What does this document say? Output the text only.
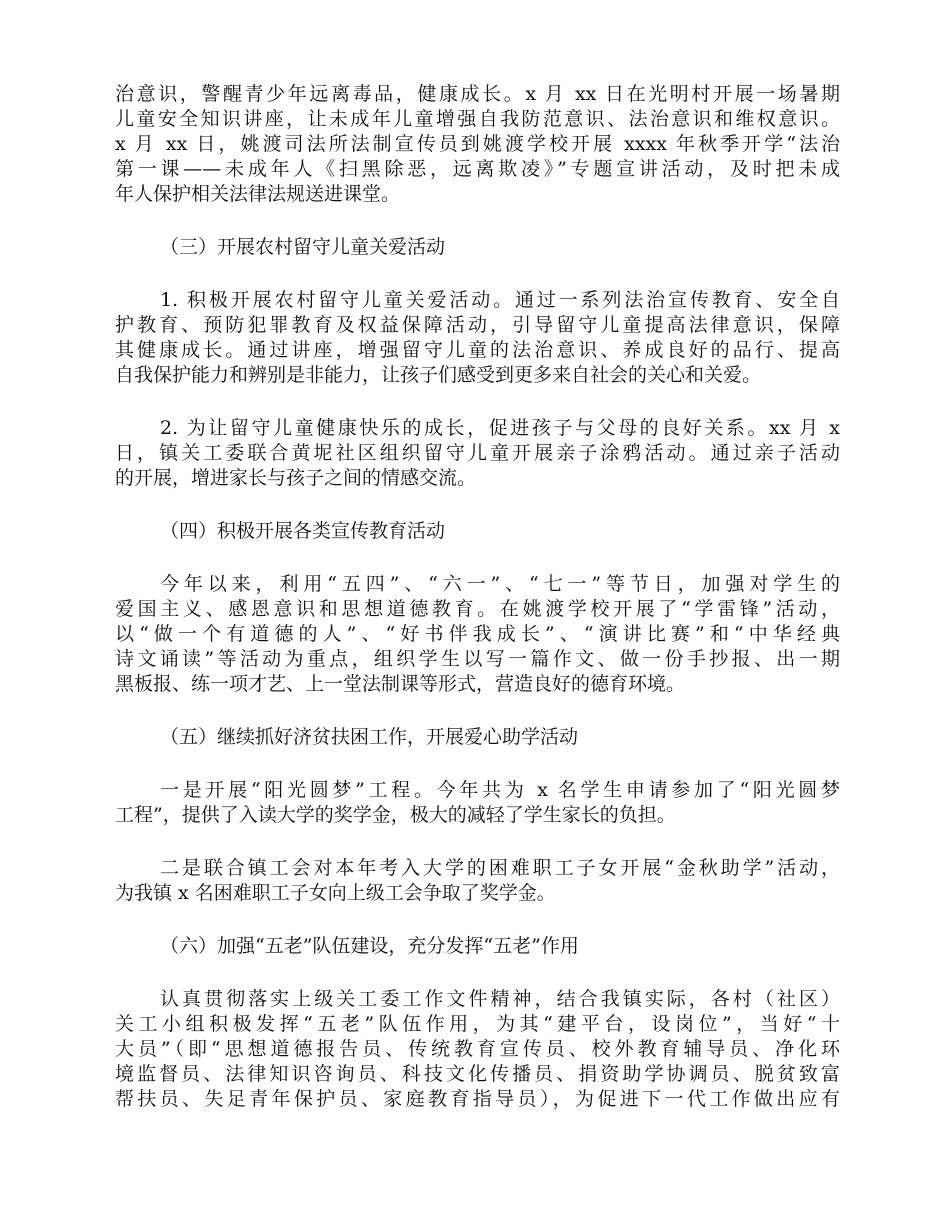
治意识，警醒青少年远离毒品，健康成长。x 月 xx 日在光明村开展一场暑期
儿童安全知识讲座，让未成年儿童增强自我防范意识、法治意识和维权意识。
x 月 xx 日，姚渡司法所法制宣传员到姚渡学校开展 xxxx 年秋季开学“法治
第一课——未成年人《扫黑除恶，远离欺凌》”专题宣讲活动，及时把未成
年人保护相关法律法规送进课堂。
（三）开展农村留守儿童关爱活动
1. 积极开展农村留守儿童关爱活动。通过一系列法治宣传教育、安全自
护教育、预防犯罪教育及权益保障活动，引导留守儿童提高法律意识，保障
其健康成长。通过讲座，增强留守儿童的法治意识、养成良好的品行、提高
自我保护能力和辨别是非能力，让孩子们感受到更多来自社会的关心和关爱。
2. 为让留守儿童健康快乐的成长，促进孩子与父母的良好关系。xx 月 x
日，镇关工委联合黄坭社区组织留守儿童开展亲子涂鸦活动。通过亲子活动
的开展，增进家长与孩子之间的情感交流。
（四）积极开展各类宣传教育活动
今年以来，利用“五四”、“六一”、“七一”等节日，加强对学生的
爱国主义、感恩意识和思想道德教育。在姚渡学校开展了“学雷锋”活动，
以“做一个有道德的人”、“好书伴我成长”、“演讲比赛”和“中华经典
诗文诵读”等活动为重点，组织学生以写一篇作文、做一份手抄报、出一期
黑板报、练一项才艺、上一堂法制课等形式，营造良好的德育环境。
（五）继续抓好济贫扶困工作，开展爱心助学活动
一是开展“阳光圆梦”工程。今年共为 x 名学生申请参加了“阳光圆梦
工程”，提供了入读大学的奖学金，极大的减轻了学生家长的负担。
二是联合镇工会对本年考入大学的困难职工子女开展“金秋助学”活动，
为我镇 x 名困难职工子女向上级工会争取了奖学金。
（六）加强“五老”队伍建设，充分发挥“五老”作用
认真贯彻落实上级关工委工作文件精神，结合我镇实际，各村（社区）
关工小组积极发挥“五老”队伍作用，为其“建平台，设岗位”，当好“十
大员”（即“思想道德报告员、传统教育宣传员、校外教育辅导员、净化环
境监督员、法律知识咨询员、科技文化传播员、捐资助学协调员、脱贫致富
帮扶员、失足青年保护员、家庭教育指导员），为促进下一代工作做出应有
